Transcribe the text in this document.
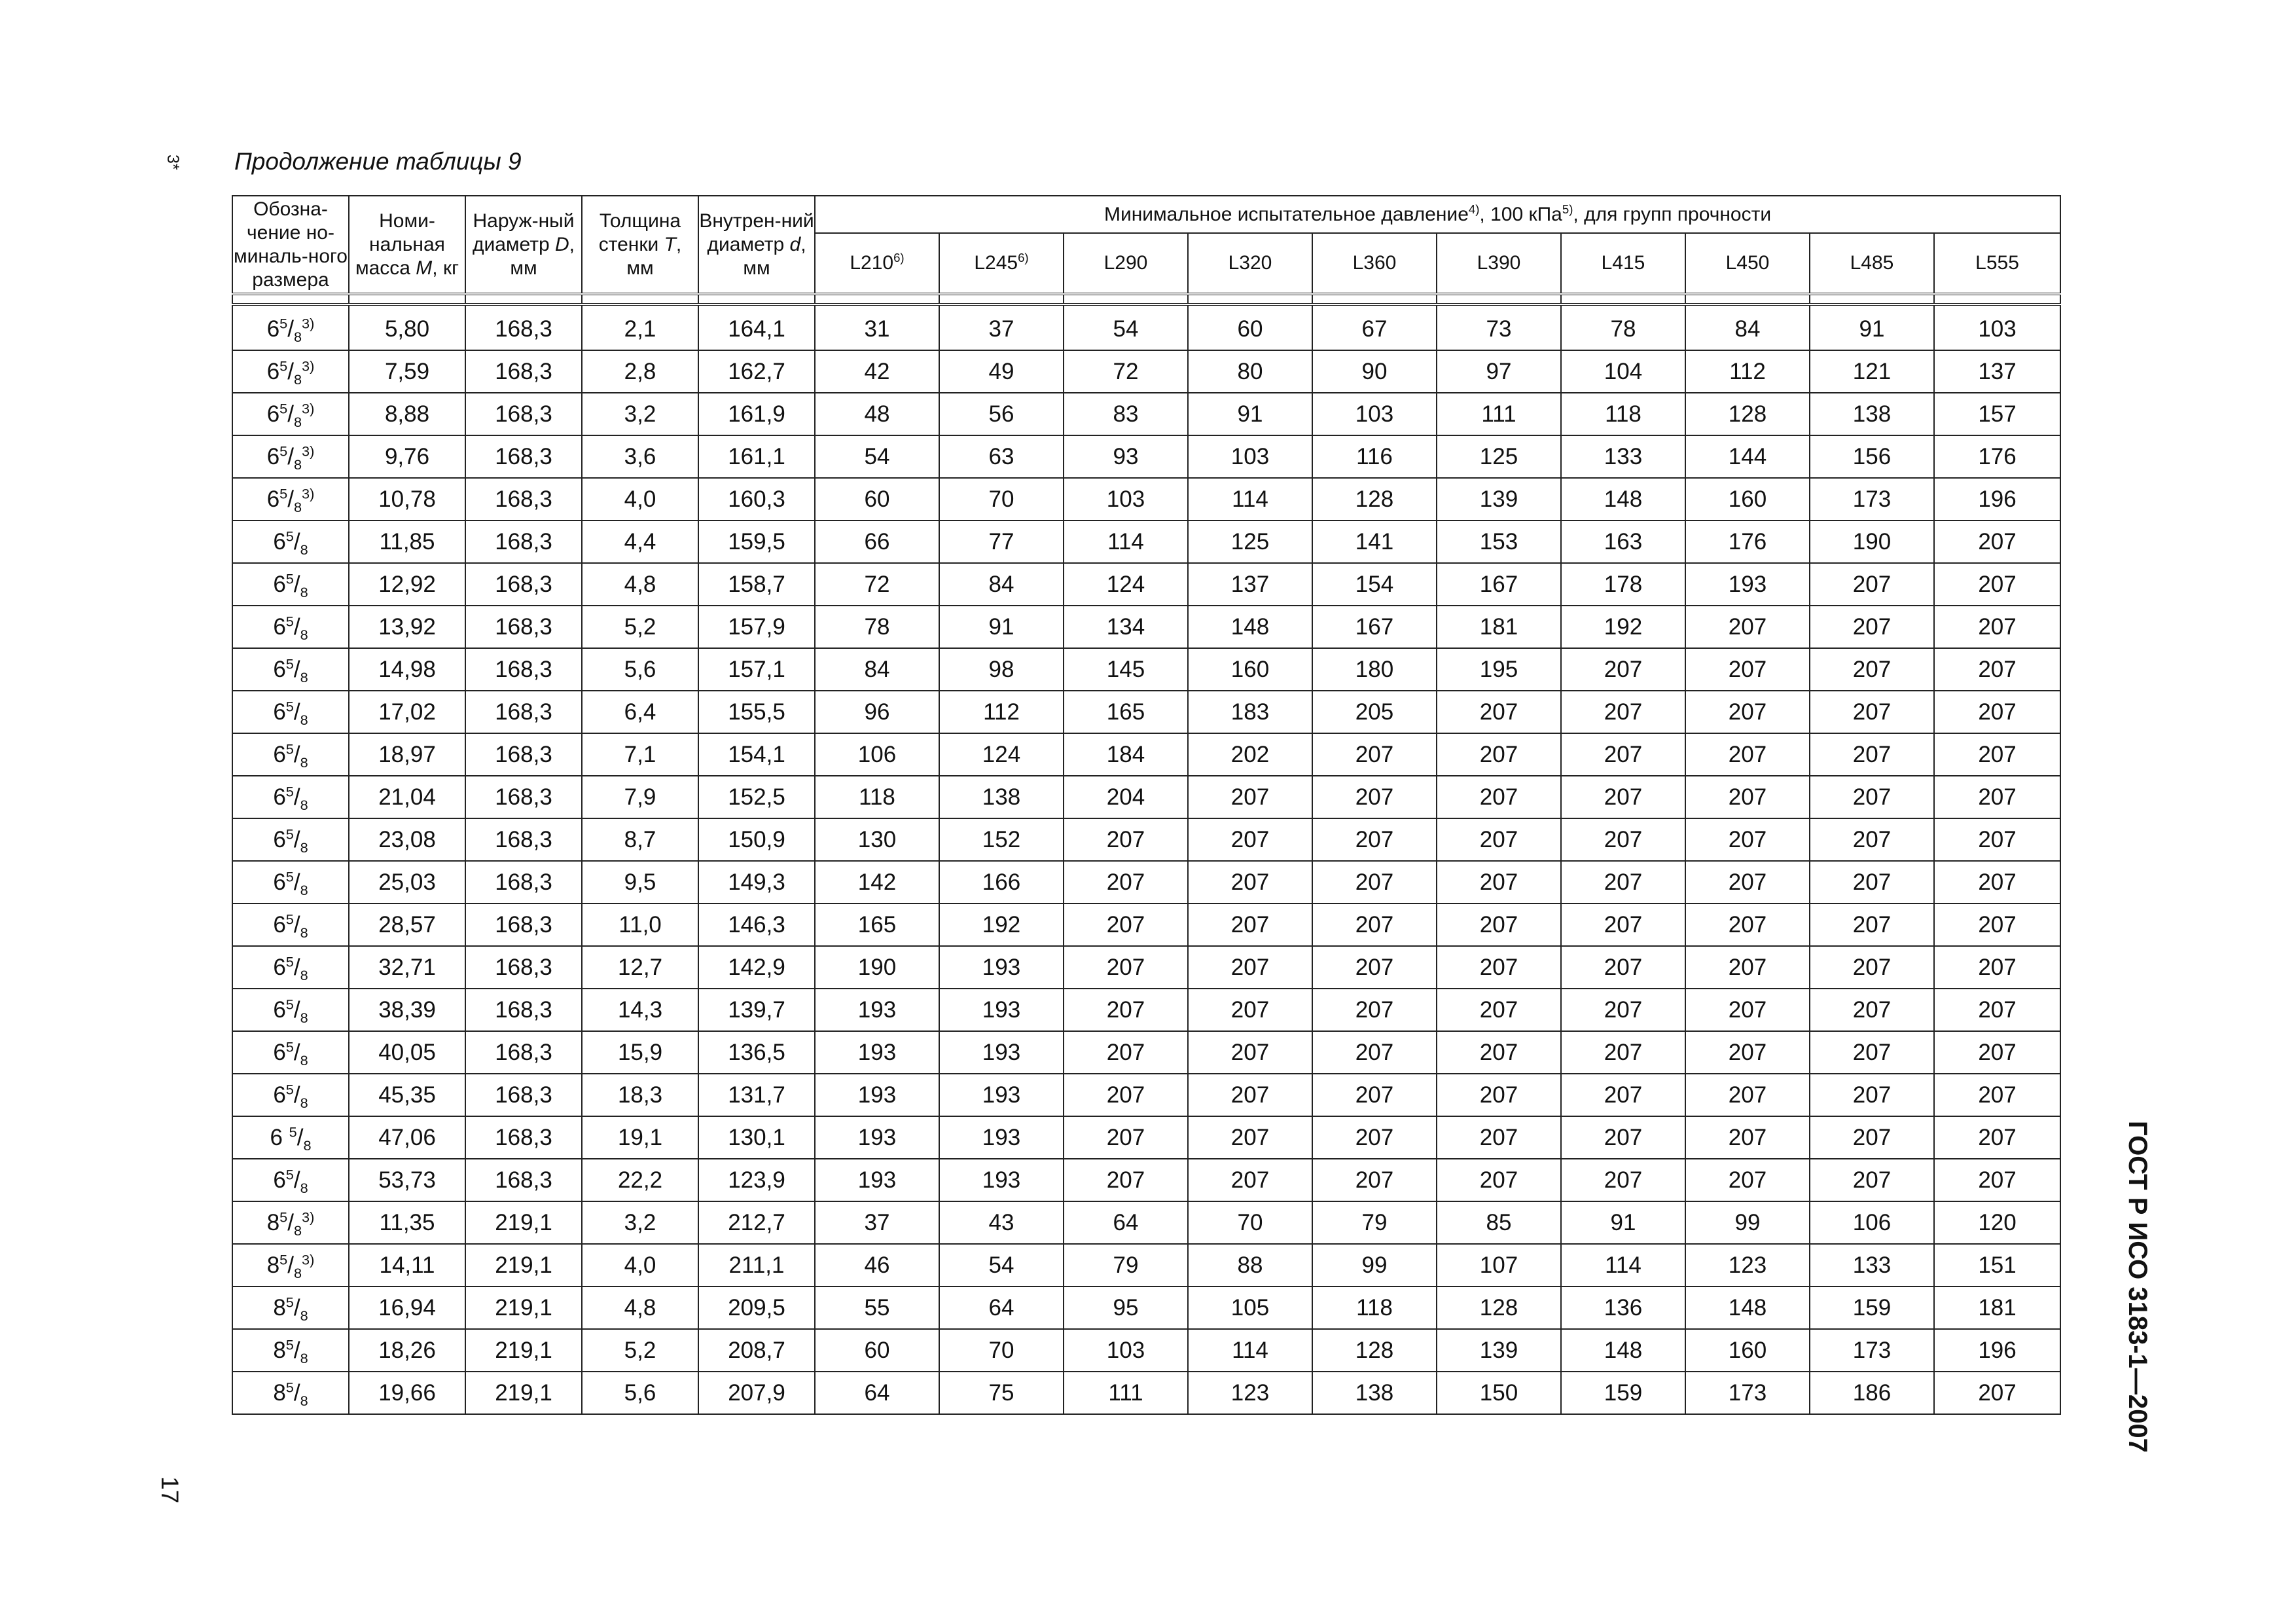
3* Продолжение таблицы 9
17
ГОСТ Р ИСО 3183-1—2007
Обозна-чение но-миналь-ного размера	Номи-нальная масса M, кг	Наруж-ный диаметр D, мм	Толщина стенки T, мм	Внутрен-ний диаметр d, мм	Минимальное испытательное давление$^{4)}$, 100 кПа$^{5)}$, для групп прочности									
					L210$^{6)}$	L245$^{6)}$	L290	L320	L360	L390	L415	L450	L485	L555

$6^5/_8^{3)}$	5,80	168,3	2,1	164,1	31	37	54	60	67	73	78	84	91	103
$6^5/_8^{3)}$	7,59	168,3	2,8	162,7	42	49	72	80	90	97	104	112	121	137
$6^5/_8^{3)}$	8,88	168,3	3,2	161,9	48	56	83	91	103	111	118	128	138	157
$6^5/_8^{3)}$	9,76	168,3	3,6	161,1	54	63	93	103	116	125	133	144	156	176
$6^5/_8^{3)}$	10,78	168,3	4,0	160,3	60	70	103	114	128	139	148	160	173	196
$6^5/_8$	11,85	168,3	4,4	159,5	66	77	114	125	141	153	163	176	190	207
$6^5/_8$	12,92	168,3	4,8	158,7	72	84	124	137	154	167	178	193	207	207
$6^5/_8$	13,92	168,3	5,2	157,9	78	91	134	148	167	181	192	207	207	207
$6^5/_8$	14,98	168,3	5,6	157,1	84	98	145	160	180	195	207	207	207	207
$6^5/_8$	17,02	168,3	6,4	155,5	96	112	165	183	205	207	207	207	207	207
$6^5/_8$	18,97	168,3	7,1	154,1	106	124	184	202	207	207	207	207	207	207
$6^5/_8$	21,04	168,3	7,9	152,5	118	138	204	207	207	207	207	207	207	207
$6^5/_8$	23,08	168,3	8,7	150,9	130	152	207	207	207	207	207	207	207	207
$6^5/_8$	25,03	168,3	9,5	149,3	142	166	207	207	207	207	207	207	207	207
$6^5/_8$	28,57	168,3	11,0	146,3	165	192	207	207	207	207	207	207	207	207
$6^5/_8$	32,71	168,3	12,7	142,9	190	193	207	207	207	207	207	207	207	207
$6^5/_8$	38,39	168,3	14,3	139,7	193	193	207	207	207	207	207	207	207	207
$6^5/_8$	40,05	168,3	15,9	136,5	193	193	207	207	207	207	207	207	207	207
$6^5/_8$	45,35	168,3	18,3	131,7	193	193	207	207	207	207	207	207	207	207
6 $^5/_8$	47,06	168,3	19,1	130,1	193	193	207	207	207	207	207	207	207	207
$6^5/_8$	53,73	168,3	22,2	123,9	193	193	207	207	207	207	207	207	207	207
$8^5/_8^{3)}$	11,35	219,1	3,2	212,7	37	43	64	70	79	85	91	99	106	120
$8^5/_8^{3)}$	14,11	219,1	4,0	211,1	46	54	79	88	99	107	114	123	133	151
$8^5/_8$	16,94	219,1	4,8	209,5	55	64	95	105	118	128	136	148	159	181
$8^5/_8$	18,26	219,1	5,2	208,7	60	70	103	114	128	139	148	160	173	196
$8^5/_8$	19,66	219,1	5,6	207,9	64	75	111	123	138	150	159	173	186	207
